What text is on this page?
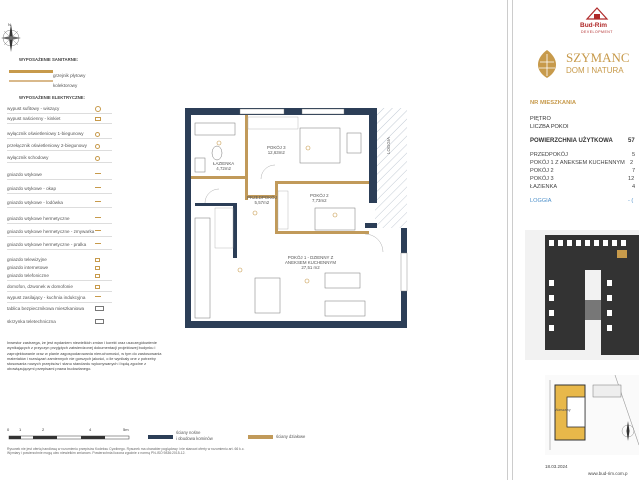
N
WYPOSAŻENIE SANITARNE:
grzejnik płytowy
kolektorowy
WYPOSAŻENIE ELEKTRYCZNE:
wypust sufitowy - wiszący
wypust naścienny - kinkiet
wyłącznik oświetleniowy 1-biegunowy
przełącznik oświetleniowy 2-biegunowy
wyłącznik schodowy
gniazdo wtykowe
gniazdo wtykowe - okap
gniazdo wtykowe - lodówka
gniazdo wtykowe hermetyczne
gniazdo wtykowe hermetyczne - zmywarka
gniazdo wtykowe hermetyczne - pralka
gniazdo telewizyjne
gniazdo internetowe
gniazdo telefoniczne
domofon, dzwonek w domofonie
wypust zasilający - kuchnia indukcyjna
tablica bezpiecznikowa mieszkaniowa
skrzynka teletechniczna
ŁAZIENKA
4,72m2
POKÓJ 3
12,63m2
PRZEDPOKÓJ
5,57m2
POKÓJ 2
7,73m2
POKÓJ 1 - DZIENNY Z
ANEKSEM KUCHENNYM
27,51 m2
LOGGIA
Inwestor zastrzega, że jest wydaniem niewielkich zmian i korekt oraz uszczegółowienie wynikających z przyczyn przyjętych zatwierdzonej dokumentacji projektowej budynku i zaprojektowanie oraz w planie zagospodarowania nieruchomości, w tym do zastosowania materiałów i rozwiązań zamiennych nie gorszych jakości, o ile wynikały one z potrzeby stosowania nowych przepisów i stanu standardu wykonywanych i będą zgodne z obowiązującymi przepisami prawa budowlanego.
0 1	2	4	5m
ściany nośne
i obudowa kominów	ściany działowe
Rysunek nie jest ofertą handlową w rozumieniu przepisów Kodeksu Cywilnego. Rysunek ma charakter poglądowy i nie stanowi oferty w rozumieniu art. 66 k.c.
Wymiary i powierzchnie mogą ulec niewielkim zmianom. Powierzchnia liczona zgodnie z normą PN-ISO 9836:2015-12.
Bud-Rim
DEVELOPMENT
SZYMANC
DOM I NATURA
NR MIESZKANIA
PIĘTRO
LICZBA POKOI
POWIERZCHNIA UŻYTKOWA	57
PRZEDPOKÓJ	5
POKÓJ 1 Z ANEKSEM KUCHENNYM 2
POKÓJ 2	7
POKÓJ 3	12
ŁAZIENKA	4
LOGGIA	- (
Warszawy
18.03.2024
www.bud-rim.com.p
